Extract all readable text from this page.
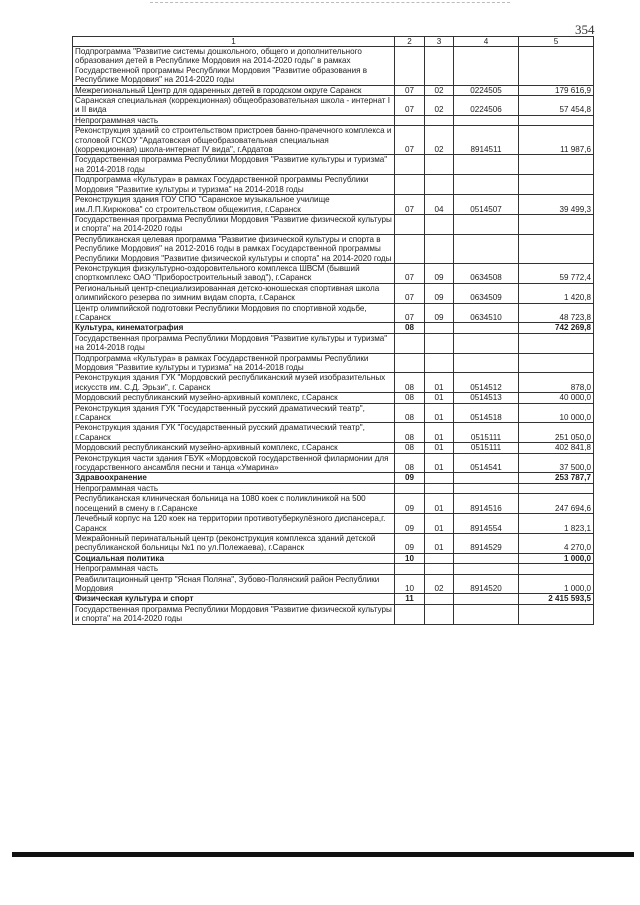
354
1	2	3	4	5
Подпрограмма "Развитие системы дошкольного, общего и дополнительного образования детей в Республике Мордовия на 2014-2020 годы" в рамках Государственной программы Республики Мордовия "Развитие образования в Республике Мордовия" на 2014-2020 годы				
Межрегиональный Центр для одаренных детей в городском округе Саранск	07	02	0224505	179 616,9
Саранская специальная (коррекционная) общеобразовательная школа - интернат I и II вида	07	02	0224506	57 454,8
Непрограммная часть				
Реконструкция зданий со строительством пристроев банно-прачечного комплекса и столовой ГСКОУ "Ардатовская общеобразовательная специальная (коррекционная) школа-интернат IV вида", г.Ардатов	07	02	8914511	11 987,6
Государственная программа Республики Мордовия "Развитие культуры и туризма" на 2014-2018 годы				
Подпрограмма «Культура» в рамках Государственной программы Республики Мордовия "Развитие культуры и туризма" на 2014-2018 годы				
Реконструкция здания ГОУ СПО "Саранское музыкальное училище им.Л.П.Кирюкова" со строительством общежития, г.Саранск	07	04	0514507	39 499,3
Государственная программа Республики Мордовия "Развитие физической культуры и спорта" на 2014-2020 годы				
Республиканская целевая программа "Развитие физической культуры и спорта в Республике Мордовия" на 2012-2016 годы в рамках Государственной программы Республики Мордовия "Развитие физической культуры и спорта" на 2014-2020 годы				
Реконструкция физкультурно-оздоровительного комплекса ШВСМ (бывший спорткомплекс ОАО "Приборостроительный завод"), г.Саранск	07	09	0634508	59 772,4
Региональный центр-специализированная детско-юношеская спортивная школа олимпийского резерва по зимним видам спорта, г.Саранск	07	09	0634509	1 420,8
Центр олимпийской подготовки Республики Мордовия по спортивной ходьбе, г.Саранск	07	09	0634510	48 723,8
Культура, кинематография	08			742 269,8
Государственная программа Республики Мордовия "Развитие культуры и туризма" на 2014-2018 годы				
Подпрограмма «Культура» в рамках Государственной программы Республики Мордовия "Развитие культуры и туризма" на 2014-2018 годы				
Реконструкция здания ГУК "Мордовский республиканский музей изобразительных искусств им. С.Д. Эрьзи", г. Саранск	08	01	0514512	878,0
Мордовский республиканский музейно-архивный комплекс, г.Саранск	08	01	0514513	40 000,0
Реконструкция здания ГУК "Государственный русский драматический театр", г.Саранск	08	01	0514518	10 000,0
Реконструкция здания ГУК "Государственный русский драматический театр", г.Саранск	08	01	0515111	251 050,0
Мордовский республиканский музейно-архивный комплекс, г.Саранск	08	01	0515111	402 841,8
Реконструкция части здания ГБУК «Мордовской государственной филармонии для государственного ансамбля песни и танца «Умарина»	08	01	0514541	37 500,0
Здравоохранение	09			253 787,7
Непрограммная часть				
Республиканская клиническая больница на 1080 коек с поликлиникой на 500 посещений в смену в г.Саранске	09	01	8914516	247 694,6
Лечебный корпус на 120 коек на территории противотуберкулёзного диспансера,г. Саранск	09	01	8914554	1 823,1
Межрайонный перинатальный центр (реконструкция комплекса зданий детской республиканской больницы №1 по ул.Полежаева), г.Саранск	09	01	8914529	4 270,0
Социальная политика	10			1 000,0
Непрограммная часть				
Реабилитационный центр "Ясная Поляна", Зубово-Полянский район Республики Мордовия	10	02	8914520	1 000,0
Физическая культура и спорт	11			2 415 593,5
Государственная программа Республики Мордовия "Развитие физической культуры и спорта" на 2014-2020 годы				
